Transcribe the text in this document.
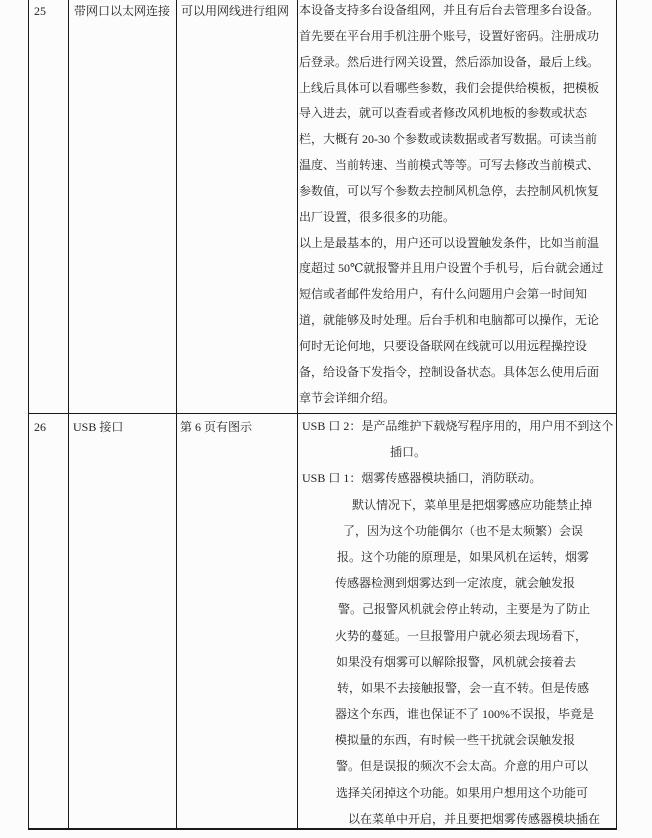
25 带网口以太网连接 可以用网线进行组网 本设备支持多台设备组网，并且有后台去管理多台设备。
首先要在平台用手机注册个账号，设置好密码。注册成功
后登录。然后进行网关设置，然后添加设备，最后上线。
上线后具体可以看哪些参数，我们会提供给模板，把模板
导入进去，就可以查看或者修改风机地板的参数或状态
栏，大概有 20-30 个参数或读数据或者写数据。可读当前
温度、当前转速、当前模式等等。可写去修改当前模式、
参数值，可以写个参数去控制风机急停，去控制风机恢复
出厂设置，很多很多的功能。
以上是最基本的，用户还可以设置触发条件，比如当前温
度超过 50℃就报警并且用户设置个手机号，后台就会通过
短信或者邮件发给用户，有什么问题用户会第一时间知
道，就能够及时处理。后台手机和电脑都可以操作，无论
何时无论何地，只要设备联网在线就可以用远程操控设
备，给设备下发指令，控制设备状态。具体怎么使用后面
章节会详细介绍。
26 USB 接口	第 6 页有图示	USB 口 2：是产品维护下载烧写程序用的，用户用不到这个
插口。
USB 口 1：烟雾传感器模块插口，消防联动。
默认情况下，菜单里是把烟雾感应功能禁止掉
了，因为这个功能偶尔（也不是太频繁）会误
报。这个功能的原理是，如果风机在运转，烟雾
传感器检测到烟雾达到一定浓度，就会触发报
警。己报警风机就会停止转动，主要是为了防止
火势的蔓延。一旦报警用户就必须去现场看下，
如果没有烟雾可以解除报警，风机就会接着去
转，如果不去接触报警，会一直不转。但是传感
器这个东西，谁也保证不了 100%不误报，毕竟是
模拟量的东西，有时候一些干扰就会误触发报
警。但是误报的频次不会太高。介意的用户可以
选择关闭掉这个功能。如果用户想用这个功能可
以在菜单中开启，并且要把烟雾传感器模块插在
